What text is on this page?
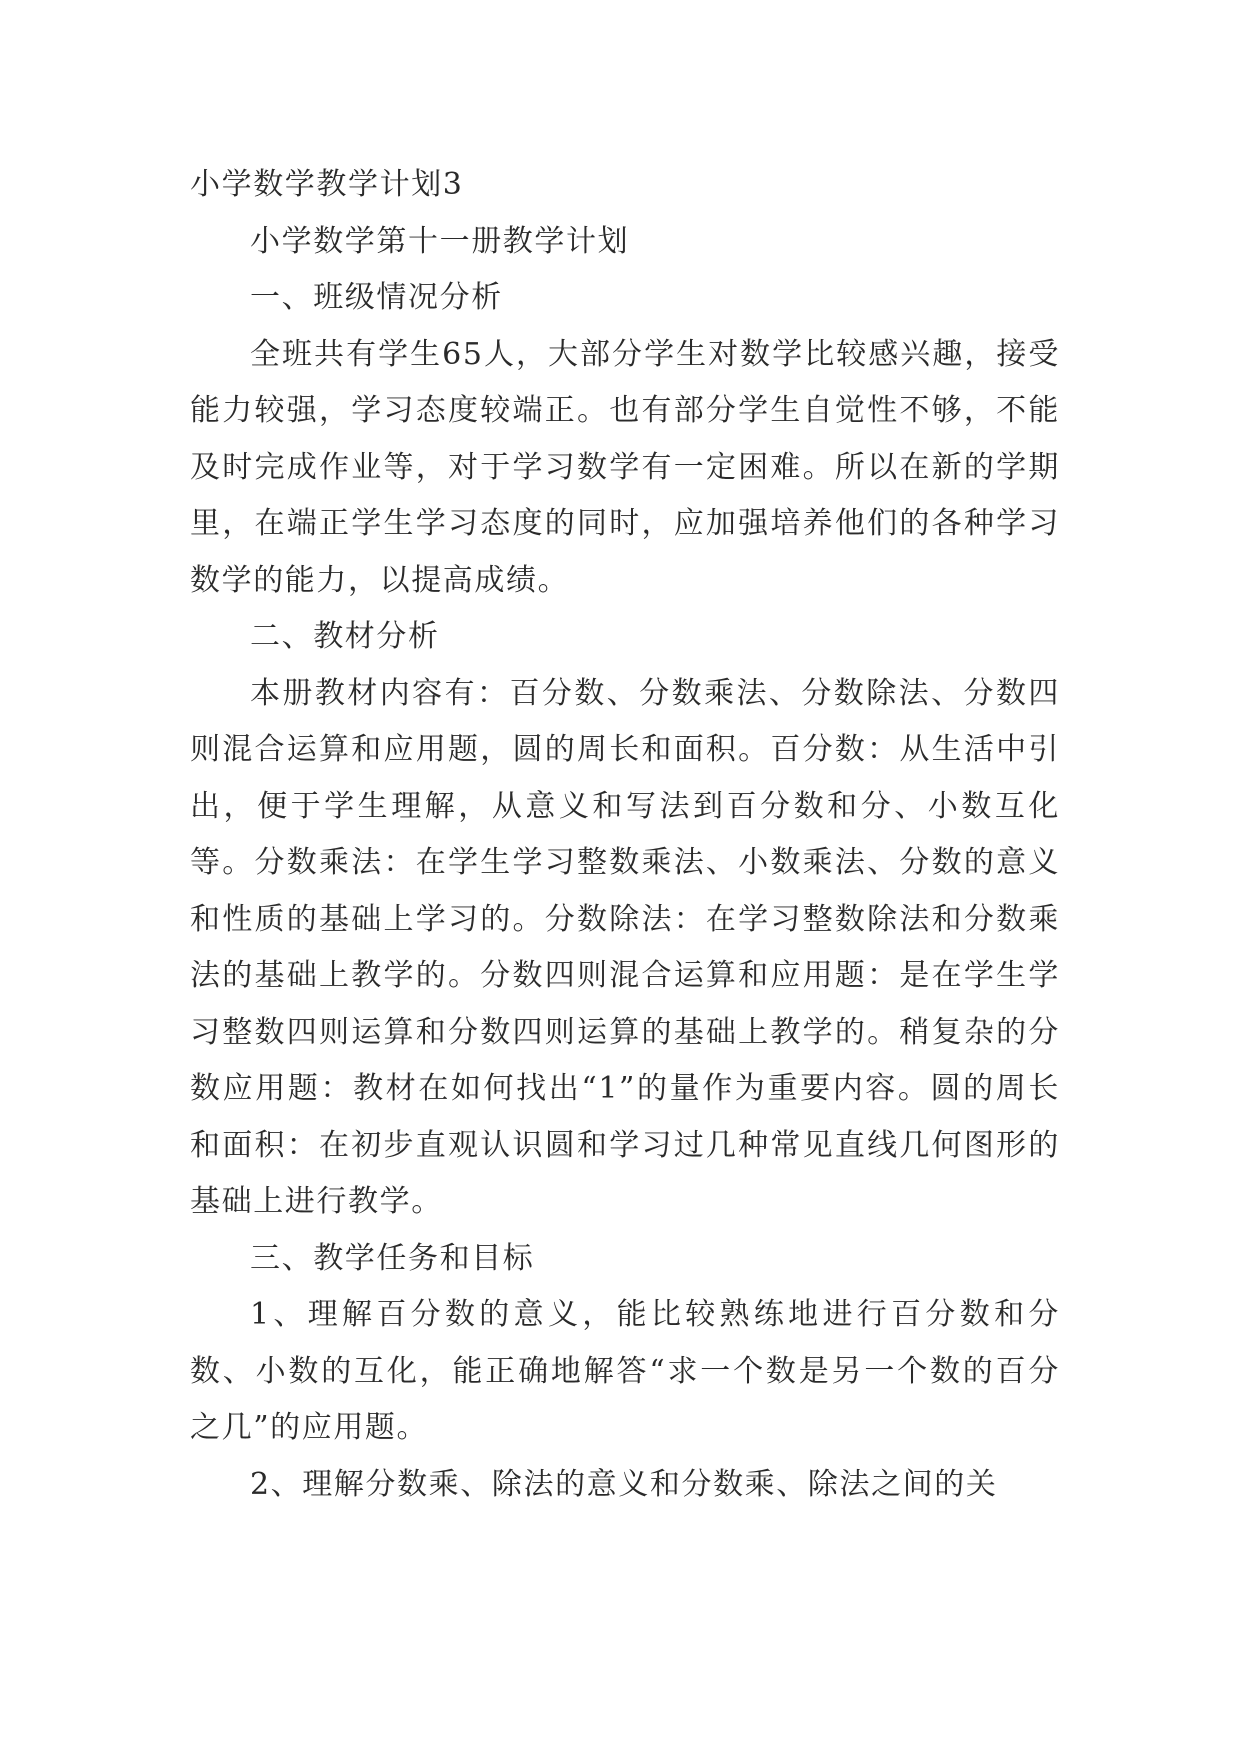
小学数学教学计划3

小学数学第十一册教学计划

一、班级情况分析

全班共有学生65人，大部分学生对数学比较感兴趣，接受能力较强，学习态度较端正。也有部分学生自觉性不够，不能及时完成作业等，对于学习数学有一定困难。所以在新的学期里，在端正学生学习态度的同时，应加强培养他们的各种学习数学的能力，以提高成绩。

二、教材分析

本册教材内容有：百分数、分数乘法、分数除法、分数四则混合运算和应用题，圆的周长和面积。百分数：从生活中引出，便于学生理解，从意义和写法到百分数和分、小数互化等。分数乘法：在学生学习整数乘法、小数乘法、分数的意义和性质的基础上学习的。分数除法：在学习整数除法和分数乘法的基础上教学的。分数四则混合运算和应用题：是在学生学习整数四则运算和分数四则运算的基础上教学的。稍复杂的分数应用题：教材在如何找出“1”的量作为重要内容。圆的周长和面积：在初步直观认识圆和学习过几种常见直线几何图形的基础上进行教学。

三、教学任务和目标

1、理解百分数的意义，能比较熟练地进行百分数和分数、小数的互化，能正确地解答“求一个数是另一个数的百分之几”的应用题。

2、理解分数乘、除法的意义和分数乘、除法之间的关
